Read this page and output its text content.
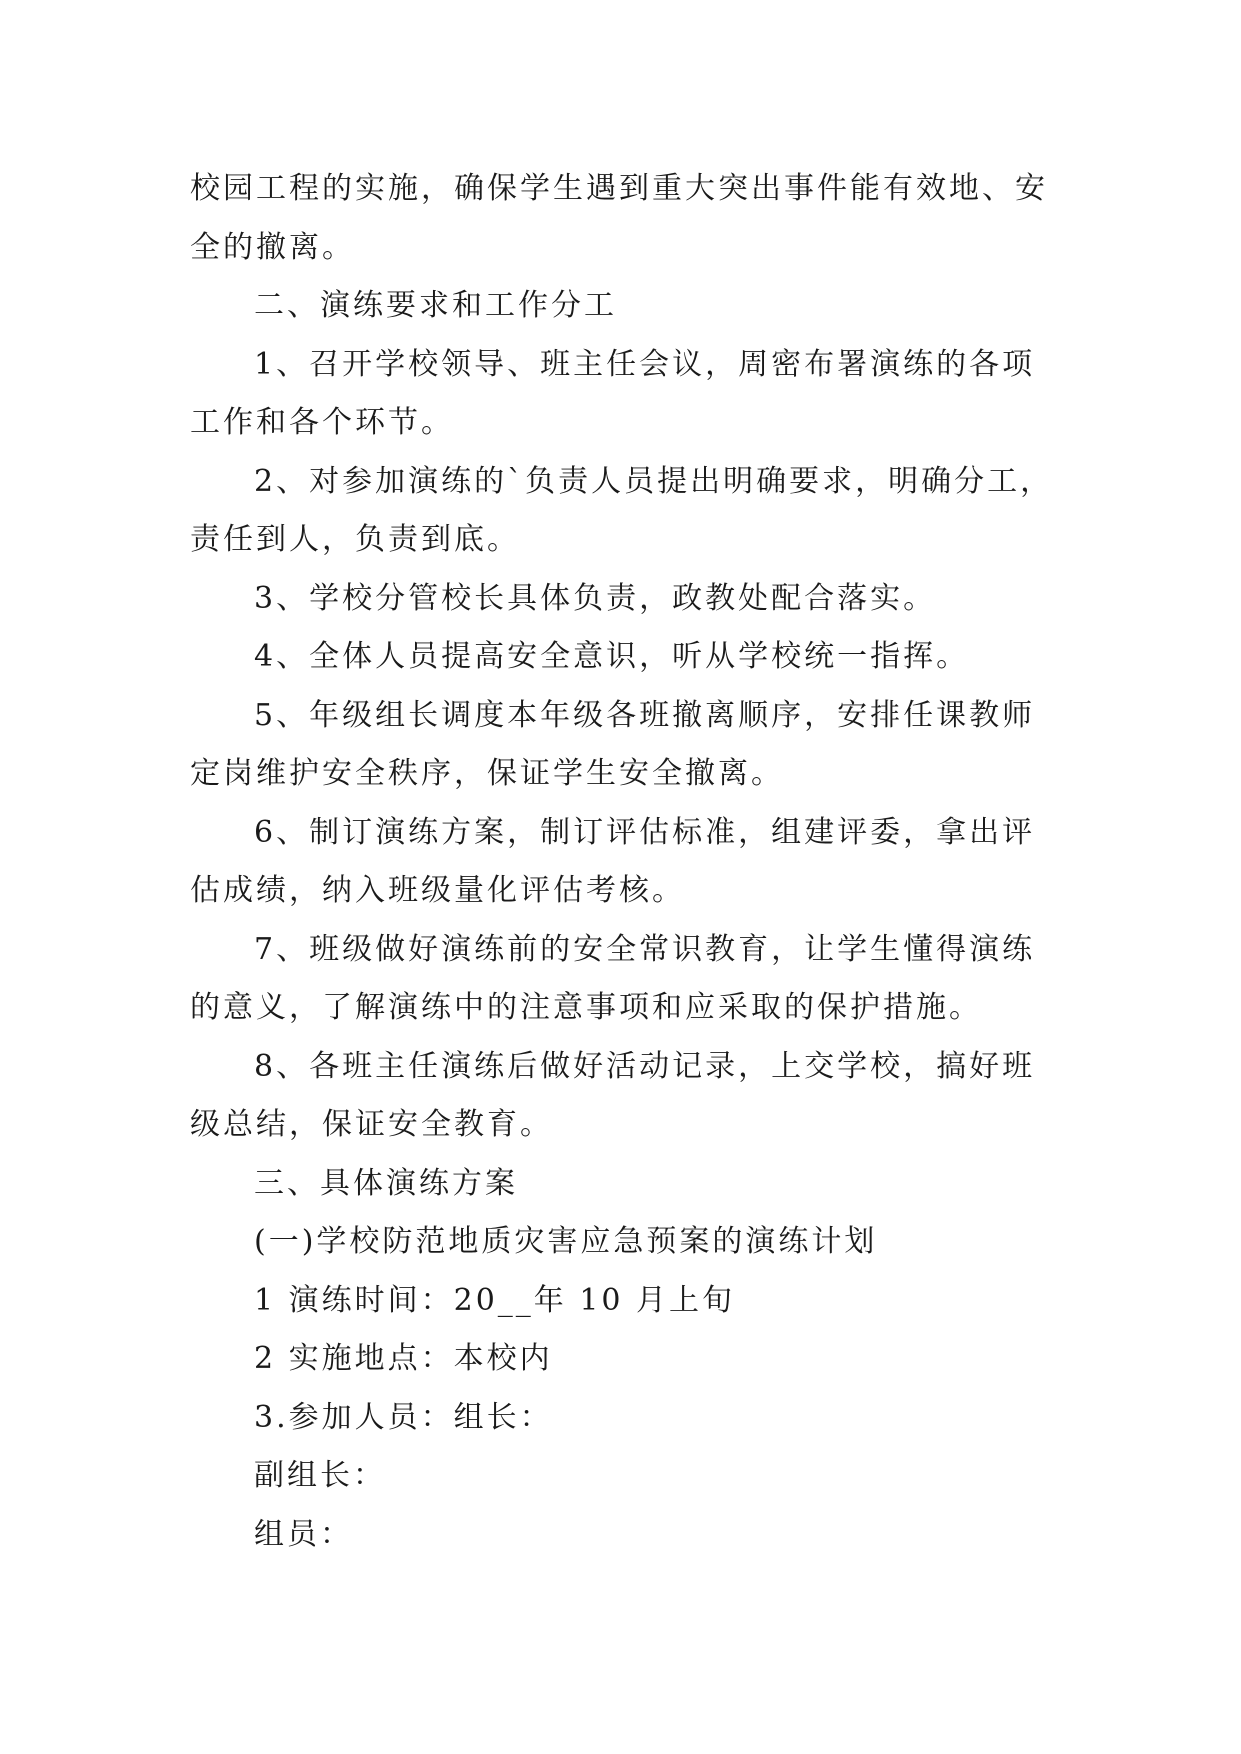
校园工程的实施，确保学生遇到重大突出事件能有效地、安
全的撤离。
二、演练要求和工作分工
1、召开学校领导、班主任会议，周密布署演练的各项
工作和各个环节。
2、对参加演练的`负责人员提出明确要求，明确分工，
责任到人，负责到底。
3、学校分管校长具体负责，政教处配合落实。
4、全体人员提高安全意识，听从学校统一指挥。
5、年级组长调度本年级各班撤离顺序，安排任课教师
定岗维护安全秩序，保证学生安全撤离。
6、制订演练方案，制订评估标准，组建评委，拿出评
估成绩，纳入班级量化评估考核。
7、班级做好演练前的安全常识教育，让学生懂得演练
的意义，了解演练中的注意事项和应采取的保护措施。
8、各班主任演练后做好活动记录，上交学校，搞好班
级总结，保证安全教育。
三、具体演练方案
(一)学校防范地质灾害应急预案的演练计划
1 演练时间：20__年 10 月上旬
2 实施地点：本校内
3.参加人员：组长：
副组长：
组员：
